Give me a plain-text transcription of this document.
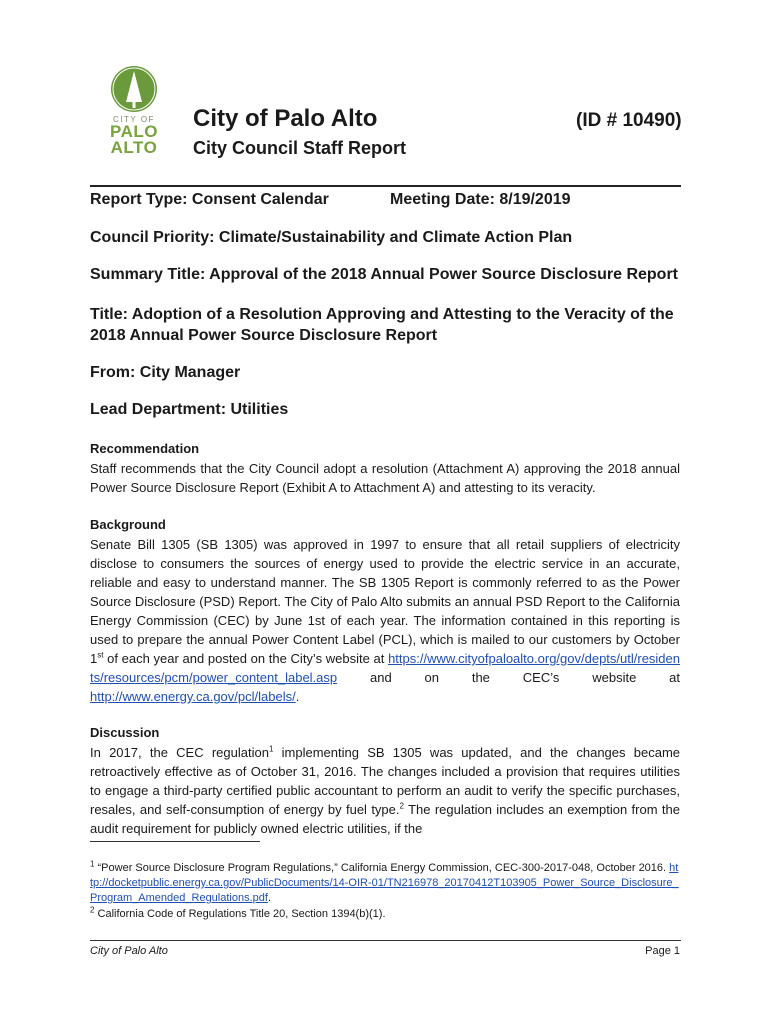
CITY OF
PALO
ALTO
City of Palo Alto	(ID # 10490)
City Council Staff Report
Report Type: Consent Calendar	Meeting Date: 8/19/2019
Council Priority: Climate/Sustainability and Climate Action Plan
Summary Title: Approval of the 2018 Annual Power Source Disclosure Report
Title: Adoption of a Resolution Approving and Attesting to the Veracity of the 2018 Annual Power Source Disclosure Report
From: City Manager
Lead Department: Utilities
Recommendation
Staff recommends that the City Council adopt a resolution (Attachment A) approving the 2018 annual Power Source Disclosure Report (Exhibit A to Attachment A) and attesting to its veracity.
Background
Senate Bill 1305 (SB 1305) was approved in 1997 to ensure that all retail suppliers of electricity disclose to consumers the sources of energy used to provide the electric service in an accurate, reliable and easy to understand manner. The SB 1305 Report is commonly referred to as the Power Source Disclosure (PSD) Report. The City of Palo Alto submits an annual PSD Report to the California Energy Commission (CEC) by June 1st of each year. The information contained in this reporting is used to prepare the annual Power Content Label (PCL), which is mailed to our customers by October 1st of each year and posted on the City’s website at https://www.cityofpaloalto.org/gov/depts/utl/residents/resources/pcm/power_content_label.asp and on the CEC’s website at http://www.energy.ca.gov/pcl/labels/.
Discussion
In 2017, the CEC regulation$^1$ implementing SB 1305 was updated, and the changes became retroactively effective as of October 31, 2016. The changes included a provision that requires utilities to engage a third-party certified public accountant to perform an audit to verify the specific purchases, resales, and self-consumption of energy by fuel type.$^2$ The regulation includes an exemption from the audit requirement for publicly owned electric utilities, if the
$^1$ “Power Source Disclosure Program Regulations,” California Energy Commission, CEC-300-2017-048, October 2016. http://docketpublic.energy.ca.gov/PublicDocuments/14-OIR-01/TN216978_20170412T103905_Power_Source_Disclosure_Program_Amended_Regulations.pdf.
$^2$ California Code of Regulations Title 20, Section 1394(b)(1).
City of Palo Alto	Page 1
